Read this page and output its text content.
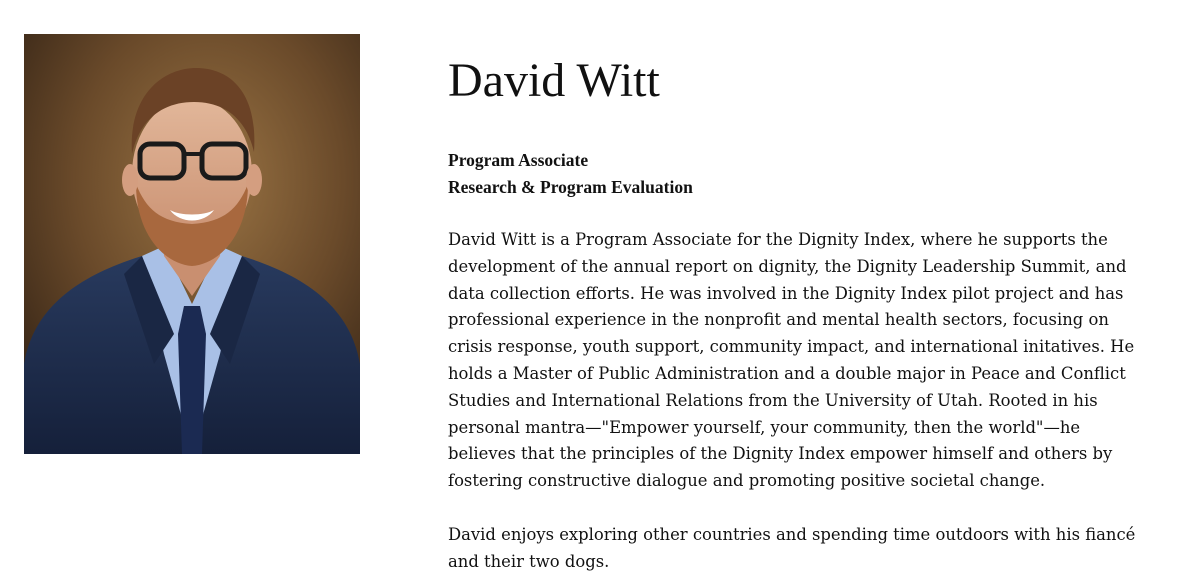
David Witt
Program Associate
Research & Program Evaluation

David Witt is a Program Associate for the Dignity Index, where he supports the development of the annual report on dignity, the Dignity Leadership Summit, and data collection efforts. He was involved in the Dignity Index pilot project and has professional experience in the nonprofit and mental health sectors, focusing on crisis response, youth support, community impact, and international initatives. He holds a Master of Public Administration and a double major in Peace and Conflict Studies and International Relations from the University of Utah. Rooted in his personal mantra—"Empower yourself, your community, then the world"—he believes that the principles of the Dignity Index empower himself and others by fostering constructive dialogue and promoting positive societal change.

David enjoys exploring other countries and spending time outdoors with his fiancé and their two dogs.
